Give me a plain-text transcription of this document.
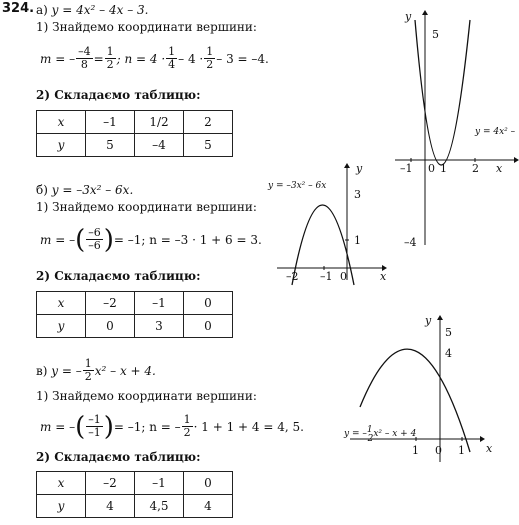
324. а) y = 4x² – 4x – 3.
1) Знайдемо координати вершини:
m = – $\frac{-4}{8} = \frac{1}{2}$ ; $n = 4 \cdot \frac{1}{4} - 4 \cdot \frac{1}{2} - 3 = -4$.
2) Складаємо таблицю:
x	–1	1/2	2
y	5	–4	5
б) y = –3x² – 6x.
1) Знайдемо координати вершини:
m = – ( $\frac{-6}{-6}$ ) = –1; n = –3 · 1 + 6 = 3.
2) Складаємо таблицю:
x	–2	–1	0
y	0	3	0
в)
y = – $\frac{1}{2} x^2 - x + 4$.
1) Знайдемо координати вершини:
m = – ( $\frac{-1}{-1}$ ) = –1; n = – $\frac{1}{2} \cdot 1 + 1 + 4 = 4$, 5.
2) Складаємо таблицю:
x	–2	–1	0
y	4	4,5	4
–1 0 1 2 x
y
5
–4
y = 4x² –
–2 –1 0
1
3
x
y
y = –3x² – 6x
1 0 1 x
y
5
4
y = –1 2x² – x + 4
